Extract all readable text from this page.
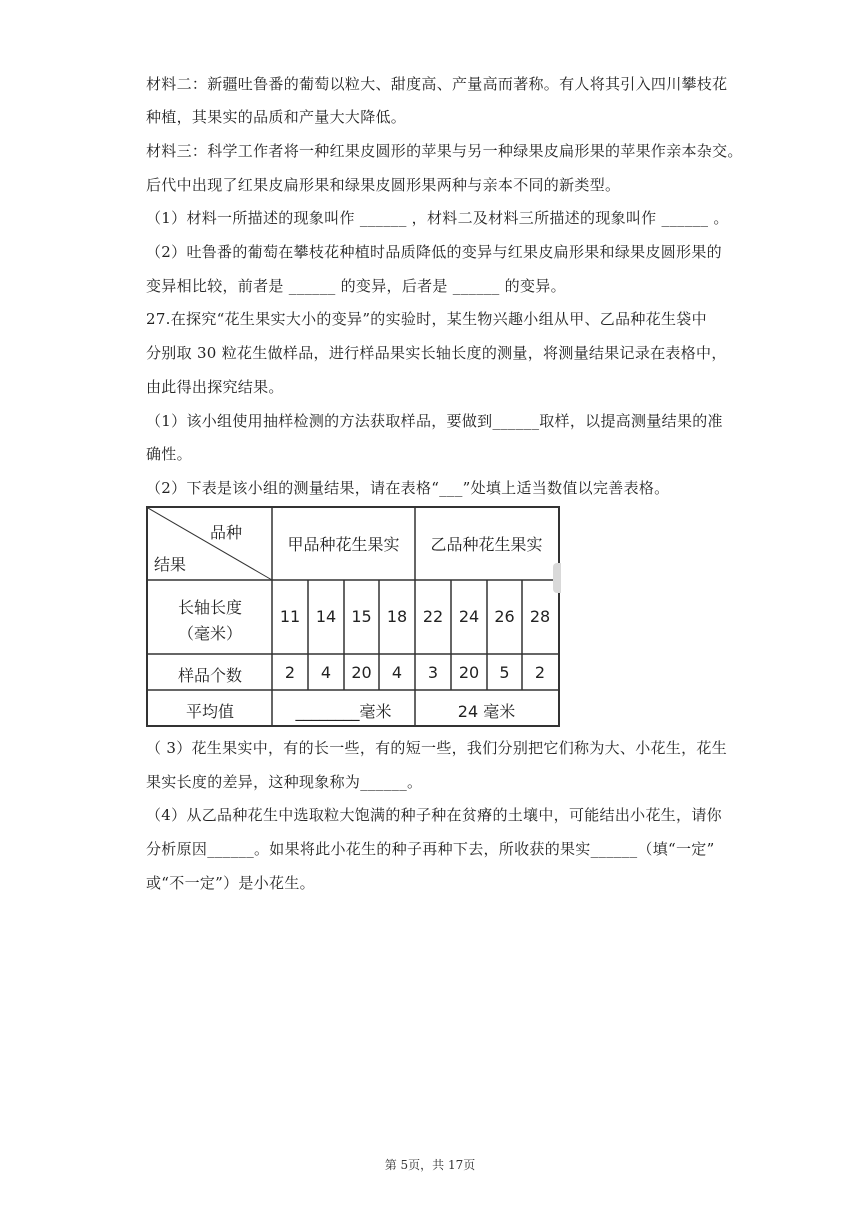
材料二：新疆吐鲁番的葡萄以粒大、甜度高、产量高而著称。有人将其引入四川攀枝花
种植，其果实的品质和产量大大降低。
材料三：科学工作者将一种红果皮圆形的苹果与另一种绿果皮扁形果的苹果作亲本杂交。
后代中出现了红果皮扁形果和绿果皮圆形果两种与亲本不同的新类型。
（1）材料一所描述的现象叫作 ______ ，材料二及材料三所描述的现象叫作 ______ 。
（2）吐鲁番的葡萄在攀枝花种植时品质降低的变异与红果皮扁形果和绿果皮圆形果的
变异相比较，前者是 ______ 的变异，后者是 ______ 的变异。
27.在探究“花生果实大小的变异”的实验时，某生物兴趣小组从甲、乙品种花生袋中
分别取 30 粒花生做样品，进行样品果实长轴长度的测量，将测量结果记录在表格中，
由此得出探究结果。
（1）该小组使用抽样检测的方法获取样品，要做到______取样，以提高测量结果的准
确性。
（2）下表是该小组的测量结果，请在表格“___”处填上适当数值以完善表格。
品种
结果
甲品种花生果实	乙品种花生果实
长轴长度
（毫米）
11 14 15 18 22 24 26 28
样品个数	2	4	20	4	3	20	5	2
平均值	________毫米	24 毫米
（ 3）花生果实中，有的长一些，有的短一些，我们分别把它们称为大、小花生，花生
果实长度的差异，这种现象称为______。
（4）从乙品种花生中选取粒大饱满的种子种在贫瘠的土壤中，可能结出小花生，请你
分析原因______。如果将此小花生的种子再种下去，所收获的果实______（填“一定”
或“不一定”）是小花生。
第 5页，共 17页
